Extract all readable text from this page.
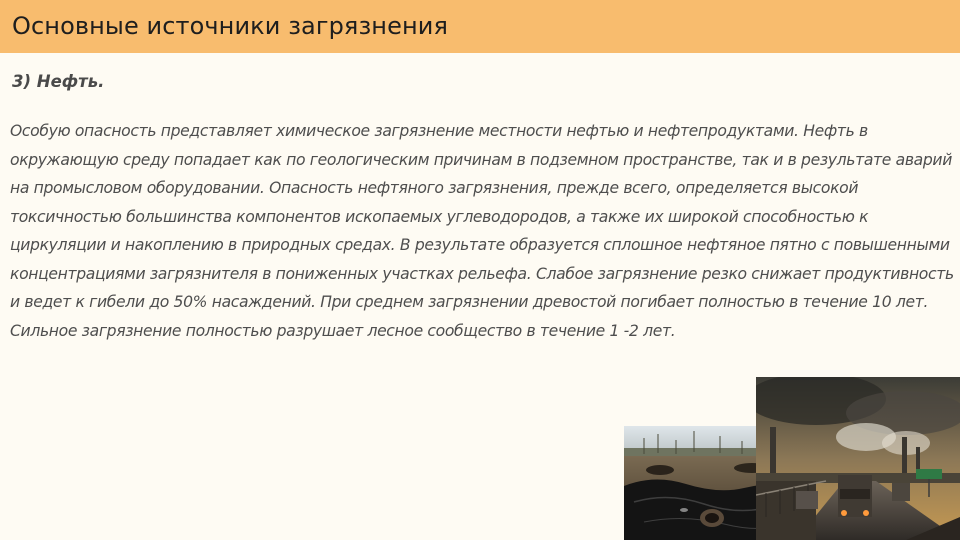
Основные источники загрязнения
3) Нефть.

Особую опасность представляет химическое загрязнение местности нефтью и нефтепродуктами. Нефть в окружающую среду попадает как по геологическим причинам в подземном пространстве, так и в результате аварий на промысловом оборудовании. Опасность нефтяного загрязнения, прежде всего, определяется высокой токсичностью большинства компонентов ископаемых углеводородов, а также их широкой способностью к циркуляции и накоплению в природных средах. В результате образуется сплошное нефтяное пятно с повышенными концентрациями загрязнителя в пониженных участках рельефа. Слабое загрязнение резко снижает продуктивность и ведет к гибели до 50% насаждений. При среднем загрязнении древостой погибает полностью в течение 10 лет. Сильное загрязнение полностью разрушает лесное сообщество в течение 1 -2 лет.
